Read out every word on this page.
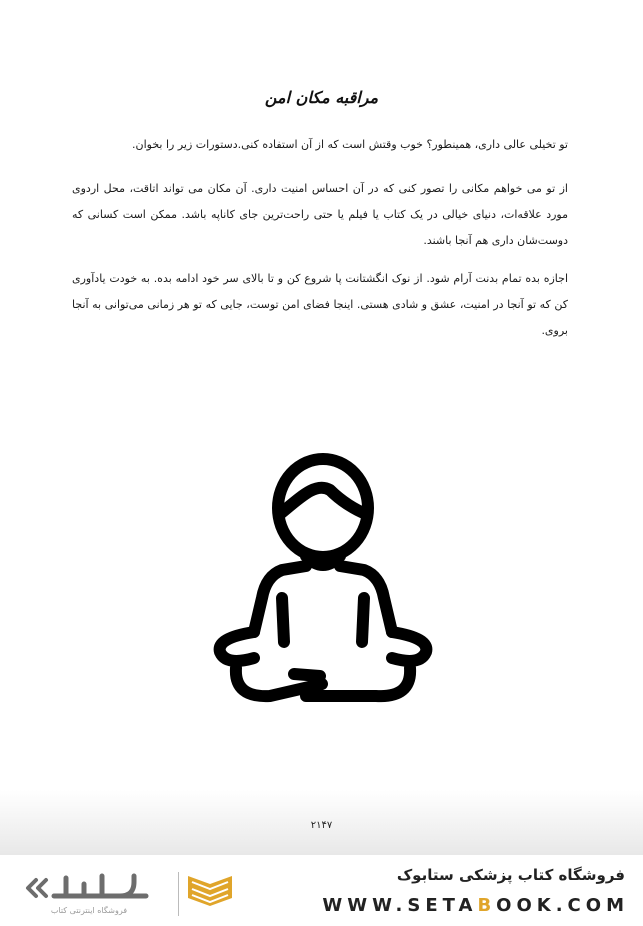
مراقبه مکان امن

تو تخیلی عالی داری، همینطور؟ خوب وقتش است که از آن استفاده کنی.دستورات زیر را بخوان.

از تو می خواهم مکانی را تصور کنی که در آن احساس امنیت داری. آن مکان می تواند اتاقت، محل اردوی مورد علاقه‌ات، دنیای خیالی در یک کتاب یا فیلم یا حتی راحت‌ترین جای کاناپه باشد. ممکن است کسانی که دوست‌شان داری هم آنجا باشند.

اجازه بده تمام بدنت آرام شود. از نوک انگشتانت پا شروع کن و تا بالای سر خود ادامه بده. به خودت یادآوری کن که تو آنجا در امنیت، عشق و شادی هستی. اینجا فضای امن توست، جایی که تو هر زمانی می‌توانی به آنجا بروی.

۲۱۴۷
فروشگاه اینترنتی کتاب
فروشگاه کتاب پزشکی ستابوک
WWW.SETABOOK.COM
